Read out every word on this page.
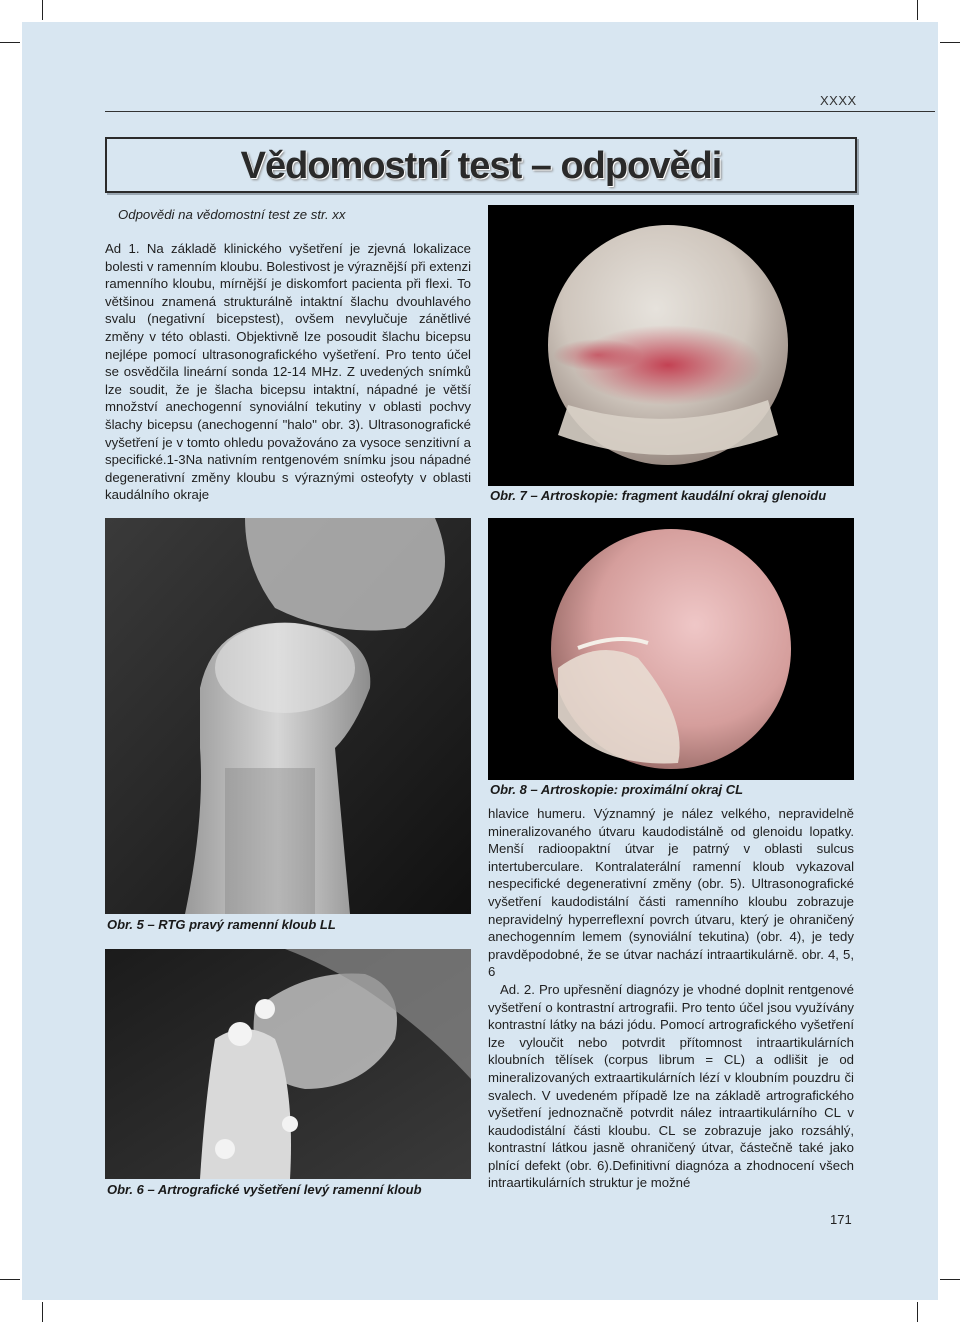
XXXX
Vědomostní test – odpovědi
Odpovědi na vědomostní test ze str. xx

Ad 1. Na základě klinického vyšetření je zjevná lokalizace bolesti v ramenním kloubu. Bolestivost je výraznější při extenzi ramenního kloubu, mírnější je diskomfort pacienta při flexi. To většinou znamená strukturálně intaktní šlachu dvouhlavého svalu (negativní bicepstest), ovšem nevylučuje zánětlivé změny v této oblasti. Objektivně lze posoudit šlachu bicepsu nejlépe pomocí ultrasonografického vyšetření. Pro tento účel se osvědčila lineární sonda 12-14 MHz. Z uvedených snímků lze soudit, že je šlacha bicepsu intaktní, nápadné je větší množství anechogenní synoviální tekutiny v oblasti pochvy šlachy bicepsu (anechogenní "halo" obr. 3). Ultrasonografické vyšetření je v tomto ohledu považováno za vysoce senzitivní a specifické.1-3Na nativním rentgenovém snímku jsou nápadné degenerativní změny kloubu s výraznými osteofyty v oblasti kaudálního okraje	Obr. 7 – Artroskopie: fragment kaudální okraj glenoidu
Obr. 8 – Artroskopie: proximální okraj CL
Obr. 5 – RTG pravý ramenní kloub LL
Obr. 6 – Artrografické vyšetření levý ramenní kloub

hlavice humeru. Významný je nález velkého, nepravidelně mineralizovaného útvaru kaudodistálně od glenoidu lopatky. Menší radioopaktní útvar je patrný v oblasti sulcus intertuberculare. Kontralaterální ramenní kloub vykazoval nespecifické degenerativní změny (obr. 5). Ultrasonografické vyšetření kaudodistální části ramenního kloubu zobrazuje nepravidelný hyperreflexní povrch útvaru, který je ohraničený anechogenním lemem (synoviální tekutina) (obr. 4), je tedy pravděpodobné, že se útvar nachází intraartikulárně. obr. 4, 5, 6

Ad. 2. Pro upřesnění diagnózy je vhodné doplnit rentgenové vyšetření o kontrastní artrografii. Pro tento účel jsou využívány kontrastní látky na bázi jódu. Pomocí artrografického vyšetření lze vyloučit nebo potvrdit přítomnost intraartikulárních kloubních tělísek (corpus librum = CL) a odlišit je od mineralizovaných extraartikulárních lézí v kloubním pouzdru či svalech. V uvedeném případě lze na základě artrografického vyšetření jednoznačně potvrdit nález intraartikulárního CL v kaudodistální části kloubu. CL se zobrazuje jako rozsáhlý, kontrastní látkou jasně ohraničený útvar, částečně také jako plnící defekt (obr. 6).Definitivní diagnóza a zhodnocení všech intraartikulárních struktur je možné

171
